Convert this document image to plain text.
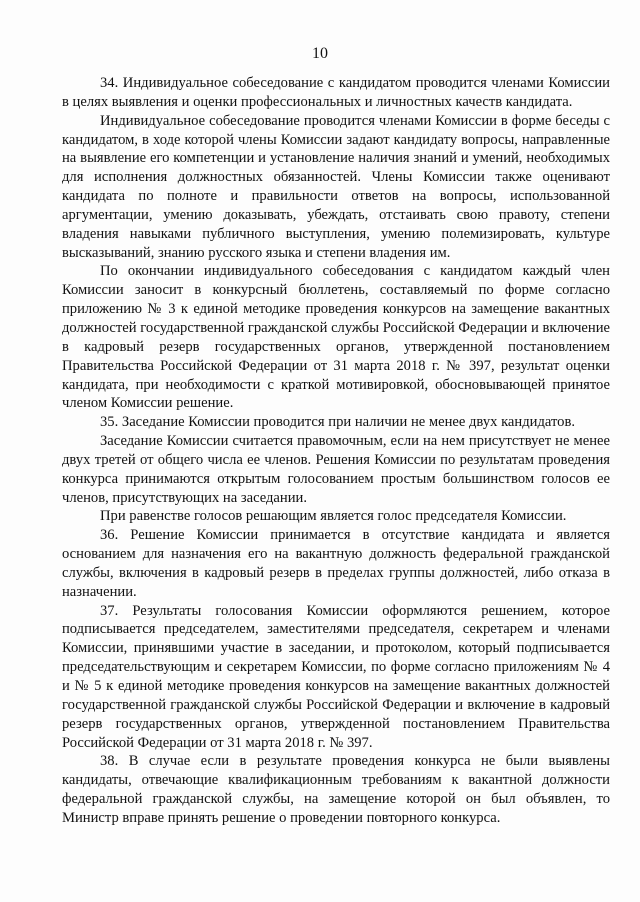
10

34. Индивидуальное собеседование с кандидатом проводится членами Комиссии в целях выявления и оценки профессиональных и личностных качеств кандидата.

Индивидуальное собеседование проводится членами Комиссии в форме беседы с кандидатом, в ходе которой члены Комиссии задают кандидату вопросы, направленные на выявление его компетенции и установление наличия знаний и умений, необходимых для исполнения должностных обязанностей. Члены Комиссии также оценивают кандидата по полноте и правильности ответов на вопросы, использованной аргументации, умению доказывать, убеждать, отстаивать свою правоту, степени владения навыками публичного выступления, умению полемизировать, культуре высказываний, знанию русского языка и степени владения им.

По окончании индивидуального собеседования с кандидатом каждый член Комиссии заносит в конкурсный бюллетень, составляемый по форме согласно приложению № 3 к единой методике проведения конкурсов на замещение вакантных должностей государственной гражданской службы Российской Федерации и включение в кадровый резерв государственных органов, утвержденной постановлением Правительства Российской Федерации от 31 марта 2018 г. № 397, результат оценки кандидата, при необходимости с краткой мотивировкой, обосновывающей принятое членом Комиссии решение.

35. Заседание Комиссии проводится при наличии не менее двух кандидатов.

Заседание Комиссии считается правомочным, если на нем присутствует не менее двух третей от общего числа ее членов. Решения Комиссии по результатам проведения конкурса принимаются открытым голосованием простым большинством голосов ее членов, присутствующих на заседании.

При равенстве голосов решающим является голос председателя Комиссии.

36. Решение Комиссии принимается в отсутствие кандидата и является основанием для назначения его на вакантную должность федеральной гражданской службы, включения в кадровый резерв в пределах группы должностей, либо отказа в назначении.

37. Результаты голосования Комиссии оформляются решением, которое подписывается председателем, заместителями председателя, секретарем и членами Комиссии, принявшими участие в заседании, и протоколом, который подписывается председательствующим и секретарем Комиссии, по форме согласно приложениям № 4 и № 5 к единой методике проведения конкурсов на замещение вакантных должностей государственной гражданской службы Российской Федерации и включение в кадровый резерв государственных органов, утвержденной постановлением Правительства Российской Федерации от 31 марта 2018 г. № 397.

38. В случае если в результате проведения конкурса не были выявлены кандидаты, отвечающие квалификационным требованиям к вакантной должности федеральной гражданской службы, на замещение которой он был объявлен, то Министр вправе принять решение о проведении повторного конкурса.
